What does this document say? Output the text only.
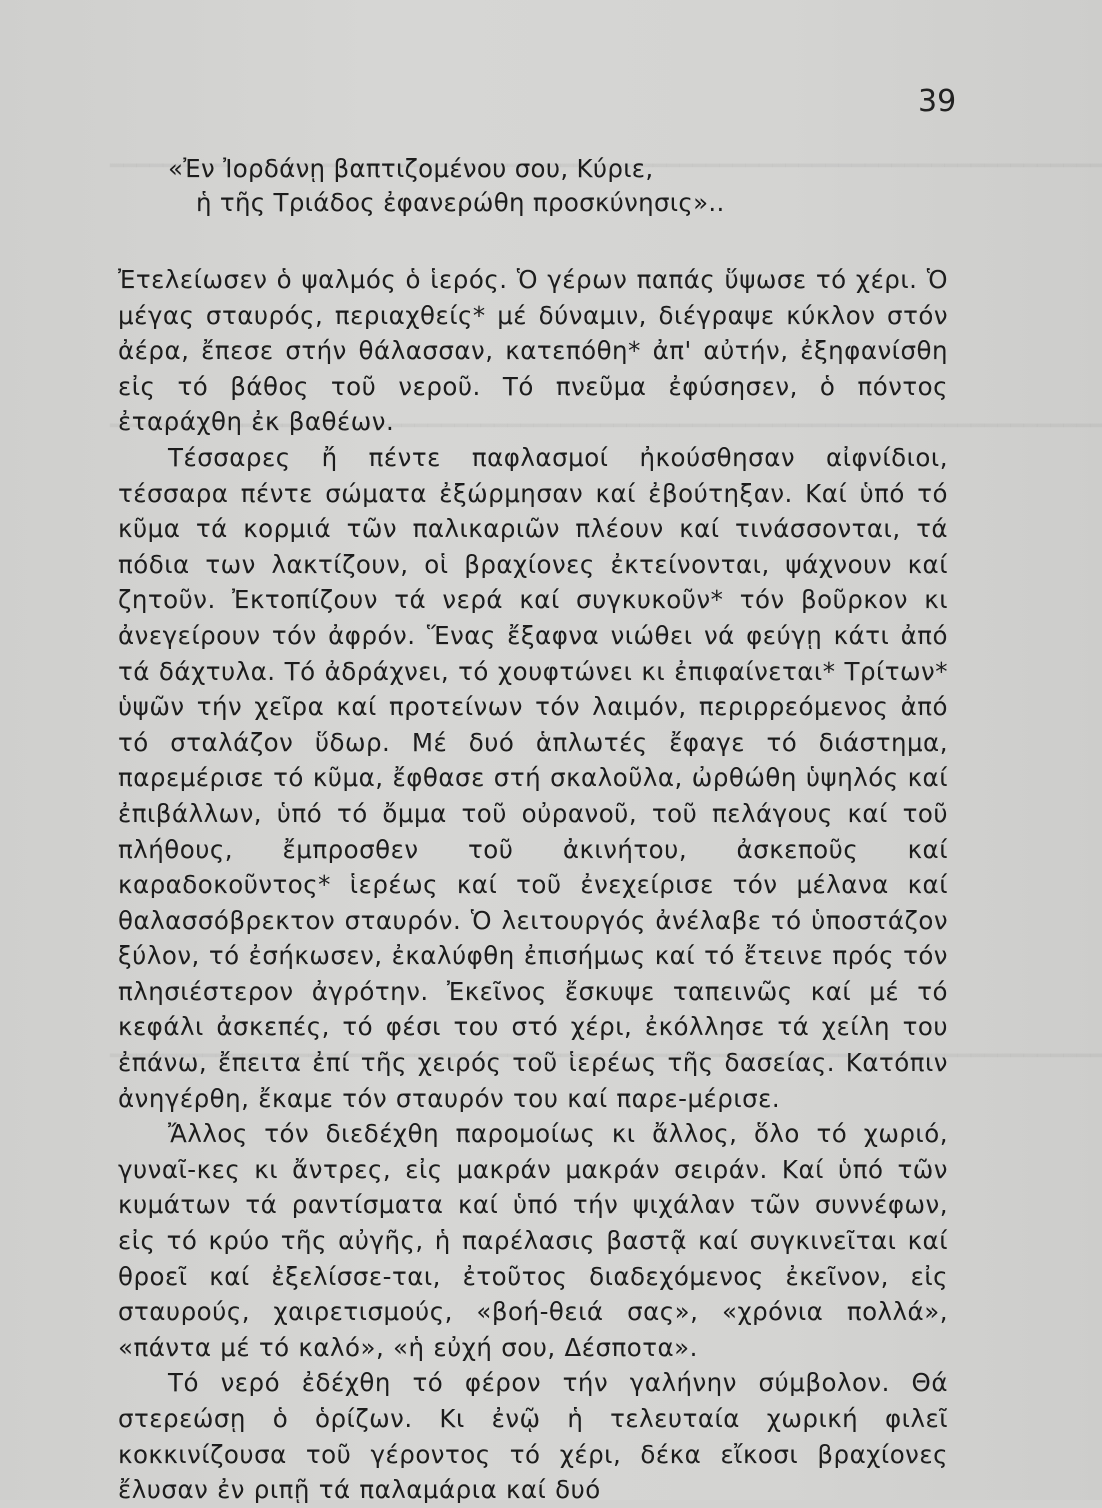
39
«Ἐν Ἰορδάνῃ βαπτιζομένου σου, Κύριε,
ἡ τῆς Τριάδος ἐφανερώθη προσκύνησις»..

Ἐτελείωσεν ὁ ψαλμός ὁ ἱερός. Ὁ γέρων παπάς ὕψωσε τό χέρι. Ὁ μέγας σταυρός, περιαχθείς* μέ δύναμιν, διέγραψε κύκλον στόν ἀέρα, ἔπεσε στήν θάλασσαν, κατεπόθη* ἀπ' αὐτήν, ἐξηφανίσθη εἰς τό βάθος τοῦ νεροῦ. Τό πνεῦμα ἐφύσησεν, ὁ πόντος ἐταράχθη ἐκ βαθέων.

Τέσσαρες ἤ πέντε παφλασμοί ἠκούσθησαν αἰφνίδιοι, τέσσαρα πέντε σώματα ἐξώρμησαν καί ἐβούτηξαν. Καί ὑπό τό κῦμα τά κορμιά τῶν παλικαριῶν πλέουν καί τινάσσονται, τά πόδια των λακτίζουν, οἱ βραχίονες ἐκτείνονται, ψάχνουν καί ζητοῦν. Ἐκτοπίζουν τά νερά καί συγκυκοῦν* τόν βοῦρκον κι ἀνεγείρουν τόν ἀφρόν. Ἕνας ἔξαφνα νιώθει νά φεύγῃ κάτι ἀπό τά δάχτυλα. Τό ἀδράχνει, τό χουφτώνει κι ἐπιφαίνεται* Τρίτων* ὑψῶν τήν χεῖρα καί προτείνων τόν λαιμόν, περιρρεόμενος ἀπό τό σταλάζον ὕδωρ. Μέ δυό ἁπλωτές ἔφαγε τό διάστημα, παρεμέρισε τό κῦμα, ἔφθασε στή σκαλοῦλα, ὠρθώθη ὑψηλός καί ἐπιβάλλων, ὑπό τό ὄμμα τοῦ οὐρανοῦ, τοῦ πελάγους καί τοῦ πλήθους, ἔμπροσθεν τοῦ ἀκινήτου, ἀσκεποῦς καί καραδοκοῦντος* ἱερέως καί τοῦ ἐνεχείρισε τόν μέλανα καί θαλασσόβρεκτον σταυρόν. Ὁ λειτουργός ἀνέλαβε τό ὑποστάζον ξύλον, τό ἐσήκωσεν, ἐκαλύφθη ἐπισήμως καί τό ἔτεινε πρός τόν πλησιέστερον ἀγρότην. Ἐκεῖνος ἔσκυψε ταπεινῶς καί μέ τό κεφάλι ἀσκεπές, τό φέσι του στό χέρι, ἐκόλλησε τά χείλη του ἐπάνω, ἔπειτα ἐπί τῆς χειρός τοῦ ἱερέως τῆς δασείας. Κατόπιν ἀνηγέρθη, ἔκαμε τόν σταυρόν του καί παρε-μέρισε.

Ἄλλος τόν διεδέχθη παρομοίως κι ἄλλος, ὅλο τό χωριό, γυναῖ-κες κι ἄντρες, εἰς μακράν μακράν σειράν. Καί ὑπό τῶν κυμάτων τά ραντίσματα καί ὑπό τήν ψιχάλαν τῶν συννέφων, εἰς τό κρύο τῆς αὐγῆς, ἡ παρέλασις βαστᾷ καί συγκινεῖται καί θροεῖ καί ἐξελίσσε-ται, ἐτοῦτος διαδεχόμενος ἐκεῖνον, εἰς σταυρούς, χαιρετισμούς, «βοή-θειά σας», «χρόνια πολλά», «πάντα μέ τό καλό», «ἡ εὐχή σου, Δέσποτα».

Τό νερό ἐδέχθη τό φέρον τήν γαλήνην σύμβολον. Θά στερεώσῃ ὁ ὁρίζων. Κι ἐνῷ ἡ τελευταία χωρική φιλεῖ κοκκινίζουσα τοῦ γέροντος τό χέρι, δέκα εἴκοσι βραχίονες ἔλυσαν ἐν ριπῇ τά παλαμάρια καί δυό
